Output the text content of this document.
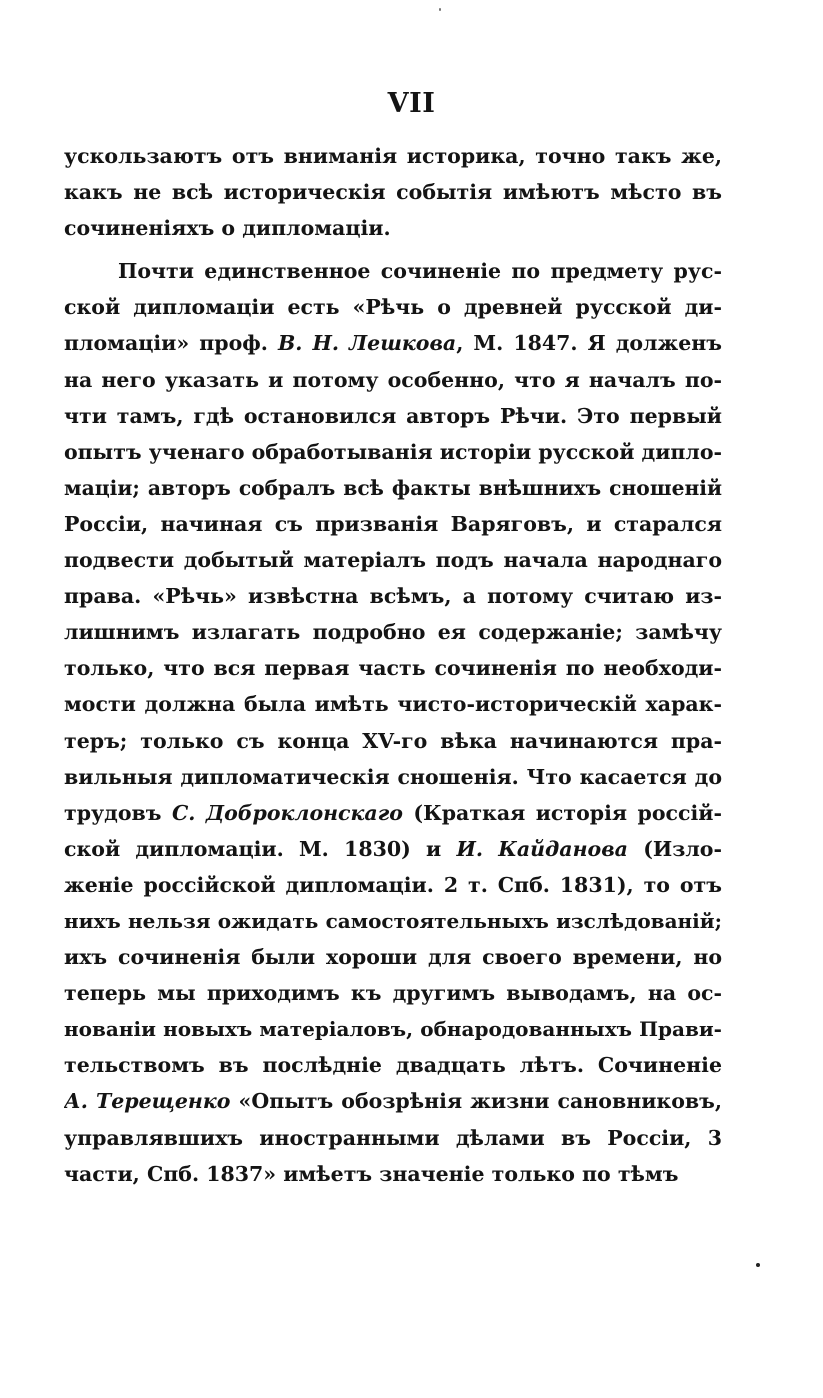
VII
ускользаютъ отъ вниманія историка, точно такъ же,
какъ не всѣ историческія событія имѣютъ мѣсто въ
сочиненіяхъ о дипломаціи.
Почти единственное сочиненіе по предмету рус-
ской дипломаціи есть «Рѣчь о древней русской ди-
пломаціи» проф. В. Н. Лешкова, М. 1847. Я долженъ
на него указать и потому особенно, что я началъ по-
чти тамъ, гдѣ остановился авторъ Рѣчи. Это первый
опытъ ученаго обработыванія исторіи русской дипло-
маціи; авторъ собралъ всѣ факты внѣшнихъ сношеній
Россіи, начиная съ призванія Варяговъ, и старался
подвести добытый матеріалъ подъ начала народнаго
права. «Рѣчь» извѣстна всѣмъ, а потому считаю из-
лишнимъ излагать подробно ея содержаніе; замѣчу
только, что вся первая часть сочиненія по необходи-
мости должна была имѣть чисто-историческій харак-
теръ; только съ конца XV-го вѣка начинаются пра-
вильныя дипломатическія сношенія. Что касается до
трудовъ С. Доброклонскаго (Краткая исторія россій-
ской дипломаціи. М. 1830) и И. Кайданова (Изло-
женіе россійской дипломаціи. 2 т. Спб. 1831), то отъ
нихъ нельзя ожидать самостоятельныхъ изслѣдованій;
ихъ сочиненія были хороши для своего времени, но
теперь мы приходимъ къ другимъ выводамъ, на ос-
нованіи новыхъ матеріаловъ, обнародованныхъ Прави-
тельствомъ въ послѣдніе двадцать лѣтъ. Сочиненіе
А. Терещенко «Опытъ обозрѣнія жизни сановниковъ,
управлявшихъ иностранными дѣлами въ Россіи, 3
части, Спб. 1837» имѣетъ значеніе только по тѣмъ
